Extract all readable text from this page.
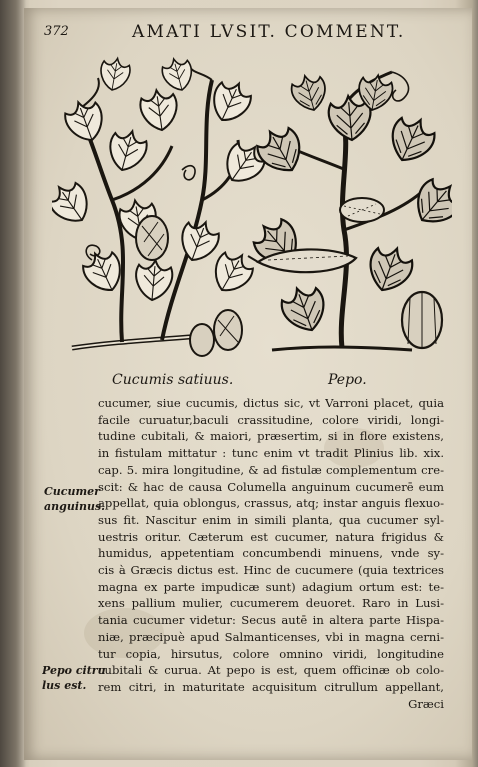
372	AMATI LVSIT. COMMENT.
Cucumis satiuus.	Pepo.
Cucumer
anguinus.
Pepo citru
lus est.
cucumer, siue cucumis, dictus sic, vt Varroni placet, quia
facile curuatur,baculi crassitudine, colore viridi, longi-
tudine cubitali, & maiori, præsertim, si in flore existens,
in fistulam mittatur : tunc enim vt tradit Plinius lib. xix.
cap. 5. mira longitudine, & ad fistulæ complementum cre-
scit: & hac de causa Columella anguinum cucumerē eum
appellat, quia oblongus, crassus, atq; instar anguis flexuo-
sus fit. Nascitur enim in simili planta, qua cucumer syl-
uestris oritur. Cæterum est cucumer, natura frigidus &
humidus, appetentiam concumbendi minuens, vnde sy-
cis à Græcis dictus est. Hinc de cucumere (quia textrices
magna ex parte impudicæ sunt) adagium ortum est: te-
xens pallium mulier, cucumerem deuoret. Raro in Lusi-
tania cucumer videtur: Secus autē in altera parte Hispa-
niæ, præcipuè apud Salmanticenses, vbi in magna cerni-
tur copia, hirsutus, colore omnino viridi, longitudine
cubitali & curua. At pepo is est, quem officinæ ob colo-
rem citri, in maturitate acquisitum citrullum appellant,
Græci
